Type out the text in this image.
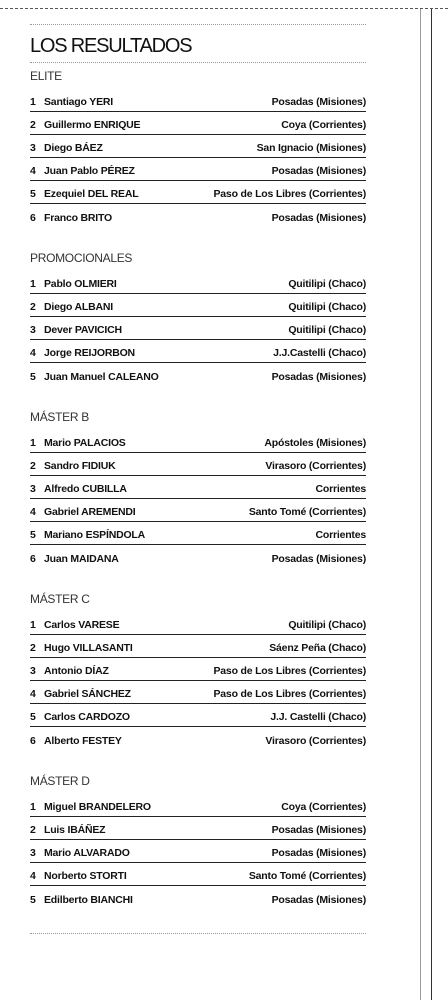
LOS RESULTADOS
ELITE
1 Santiago YERI	Posadas (Misiones)
2 Guillermo ENRIQUE	Coya (Corrientes)
3 Diego BÁEZ	San Ignacio (Misiones)
4 Juan Pablo PÉREZ	Posadas (Misiones)
5 Ezequiel DEL REAL	Paso de Los Libres (Corrientes)
6 Franco BRITO	Posadas (Misiones)
PROMOCIONALES
1 Pablo OLMIERI	Quitilipi (Chaco)
2 Diego ALBANI	Quitilipi (Chaco)
3 Dever PAVICICH	Quitilipi (Chaco)
4 Jorge REIJORBON	J.J.Castelli (Chaco)
5 Juan Manuel CALEANO	Posadas (Misiones)
MÁSTER B
1 Mario PALACIOS	Apóstoles (Misiones)
2 Sandro FIDIUK	Virasoro (Corrientes)
3 Alfredo CUBILLA	Corrientes
4 Gabriel AREMENDI	Santo Tomé (Corrientes)
5 Mariano ESPÍNDOLA	Corrientes
6 Juan MAIDANA	Posadas (Misiones)
MÁSTER C
1 Carlos VARESE	Quitilipi (Chaco)
2 Hugo VILLASANTI	Sáenz Peña (Chaco)
3 Antonio DÍAZ	Paso de Los Libres (Corrientes)
4 Gabriel SÁNCHEZ	Paso de Los Libres (Corrientes)
5 Carlos CARDOZO	J.J. Castelli (Chaco)
6 Alberto FESTEY	Virasoro (Corrientes)
MÁSTER D
1 Miguel BRANDELERO	Coya (Corrientes)
2 Luis IBÁÑEZ	Posadas (Misiones)
3 Mario ALVARADO	Posadas (Misiones)
4 Norberto STORTI	Santo Tomé (Corrientes)
5 Edilberto BIANCHI	Posadas (Misiones)
